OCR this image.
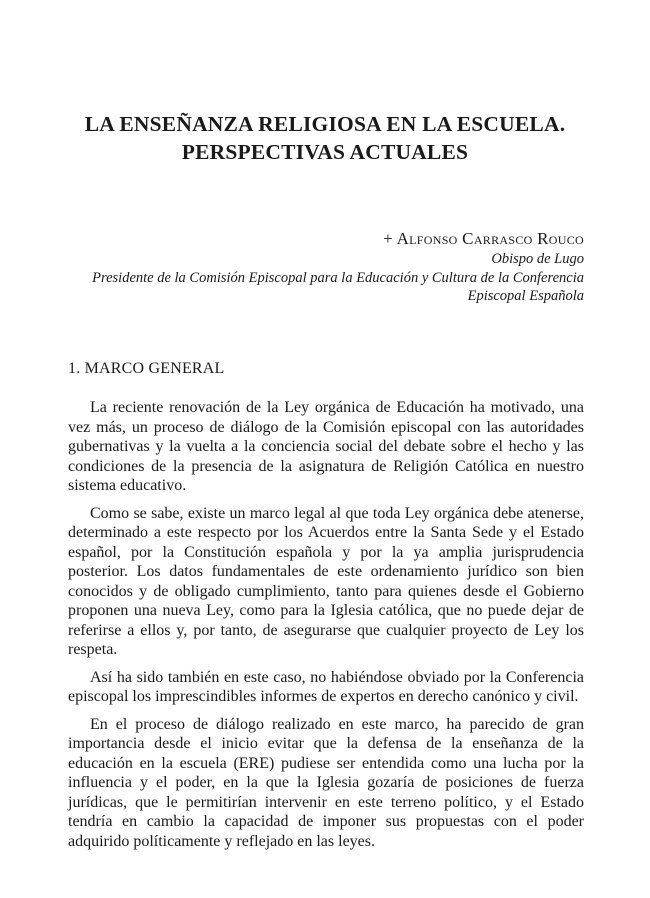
LA ENSEÑANZA RELIGIOSA EN LA ESCUELA.
PERSPECTIVAS ACTUALES
+ Alfonso Carrasco Rouco
Obispo de Lugo
Presidente de la Comisión Episcopal para la Educación y Cultura de la Conferencia
Episcopal Española
1. MARCO GENERAL

La reciente renovación de la Ley orgánica de Educación ha motivado, una vez más, un proceso de diálogo de la Comisión episcopal con las autoridades gubernativas y la vuelta a la conciencia social del debate sobre el hecho y las condiciones de la presencia de la asignatura de Religión Católica en nuestro sistema educativo.

Como se sabe, existe un marco legal al que toda Ley orgánica debe atenerse, determinado a este respecto por los Acuerdos entre la Santa Sede y el Estado español, por la Constitución española y por la ya amplia jurisprudencia posterior. Los datos fundamentales de este ordenamiento jurídico son bien conocidos y de obligado cumplimiento, tanto para quienes desde el Gobierno proponen una nueva Ley, como para la Iglesia católica, que no puede dejar de referirse a ellos y, por tanto, de asegurarse que cualquier proyecto de Ley los respeta.

Así ha sido también en este caso, no habiéndose obviado por la Conferencia episcopal los imprescindibles informes de expertos en derecho canónico y civil.

En el proceso de diálogo realizado en este marco, ha parecido de gran importancia desde el inicio evitar que la defensa de la enseñanza de la educación en la escuela (ERE) pudiese ser entendida como una lucha por la influencia y el poder, en la que la Iglesia gozaría de posiciones de fuerza jurídicas, que le permitirían intervenir en este terreno político, y el Estado tendría en cambio la capacidad de imponer sus propuestas con el poder adquirido políticamente y reflejado en las leyes.
